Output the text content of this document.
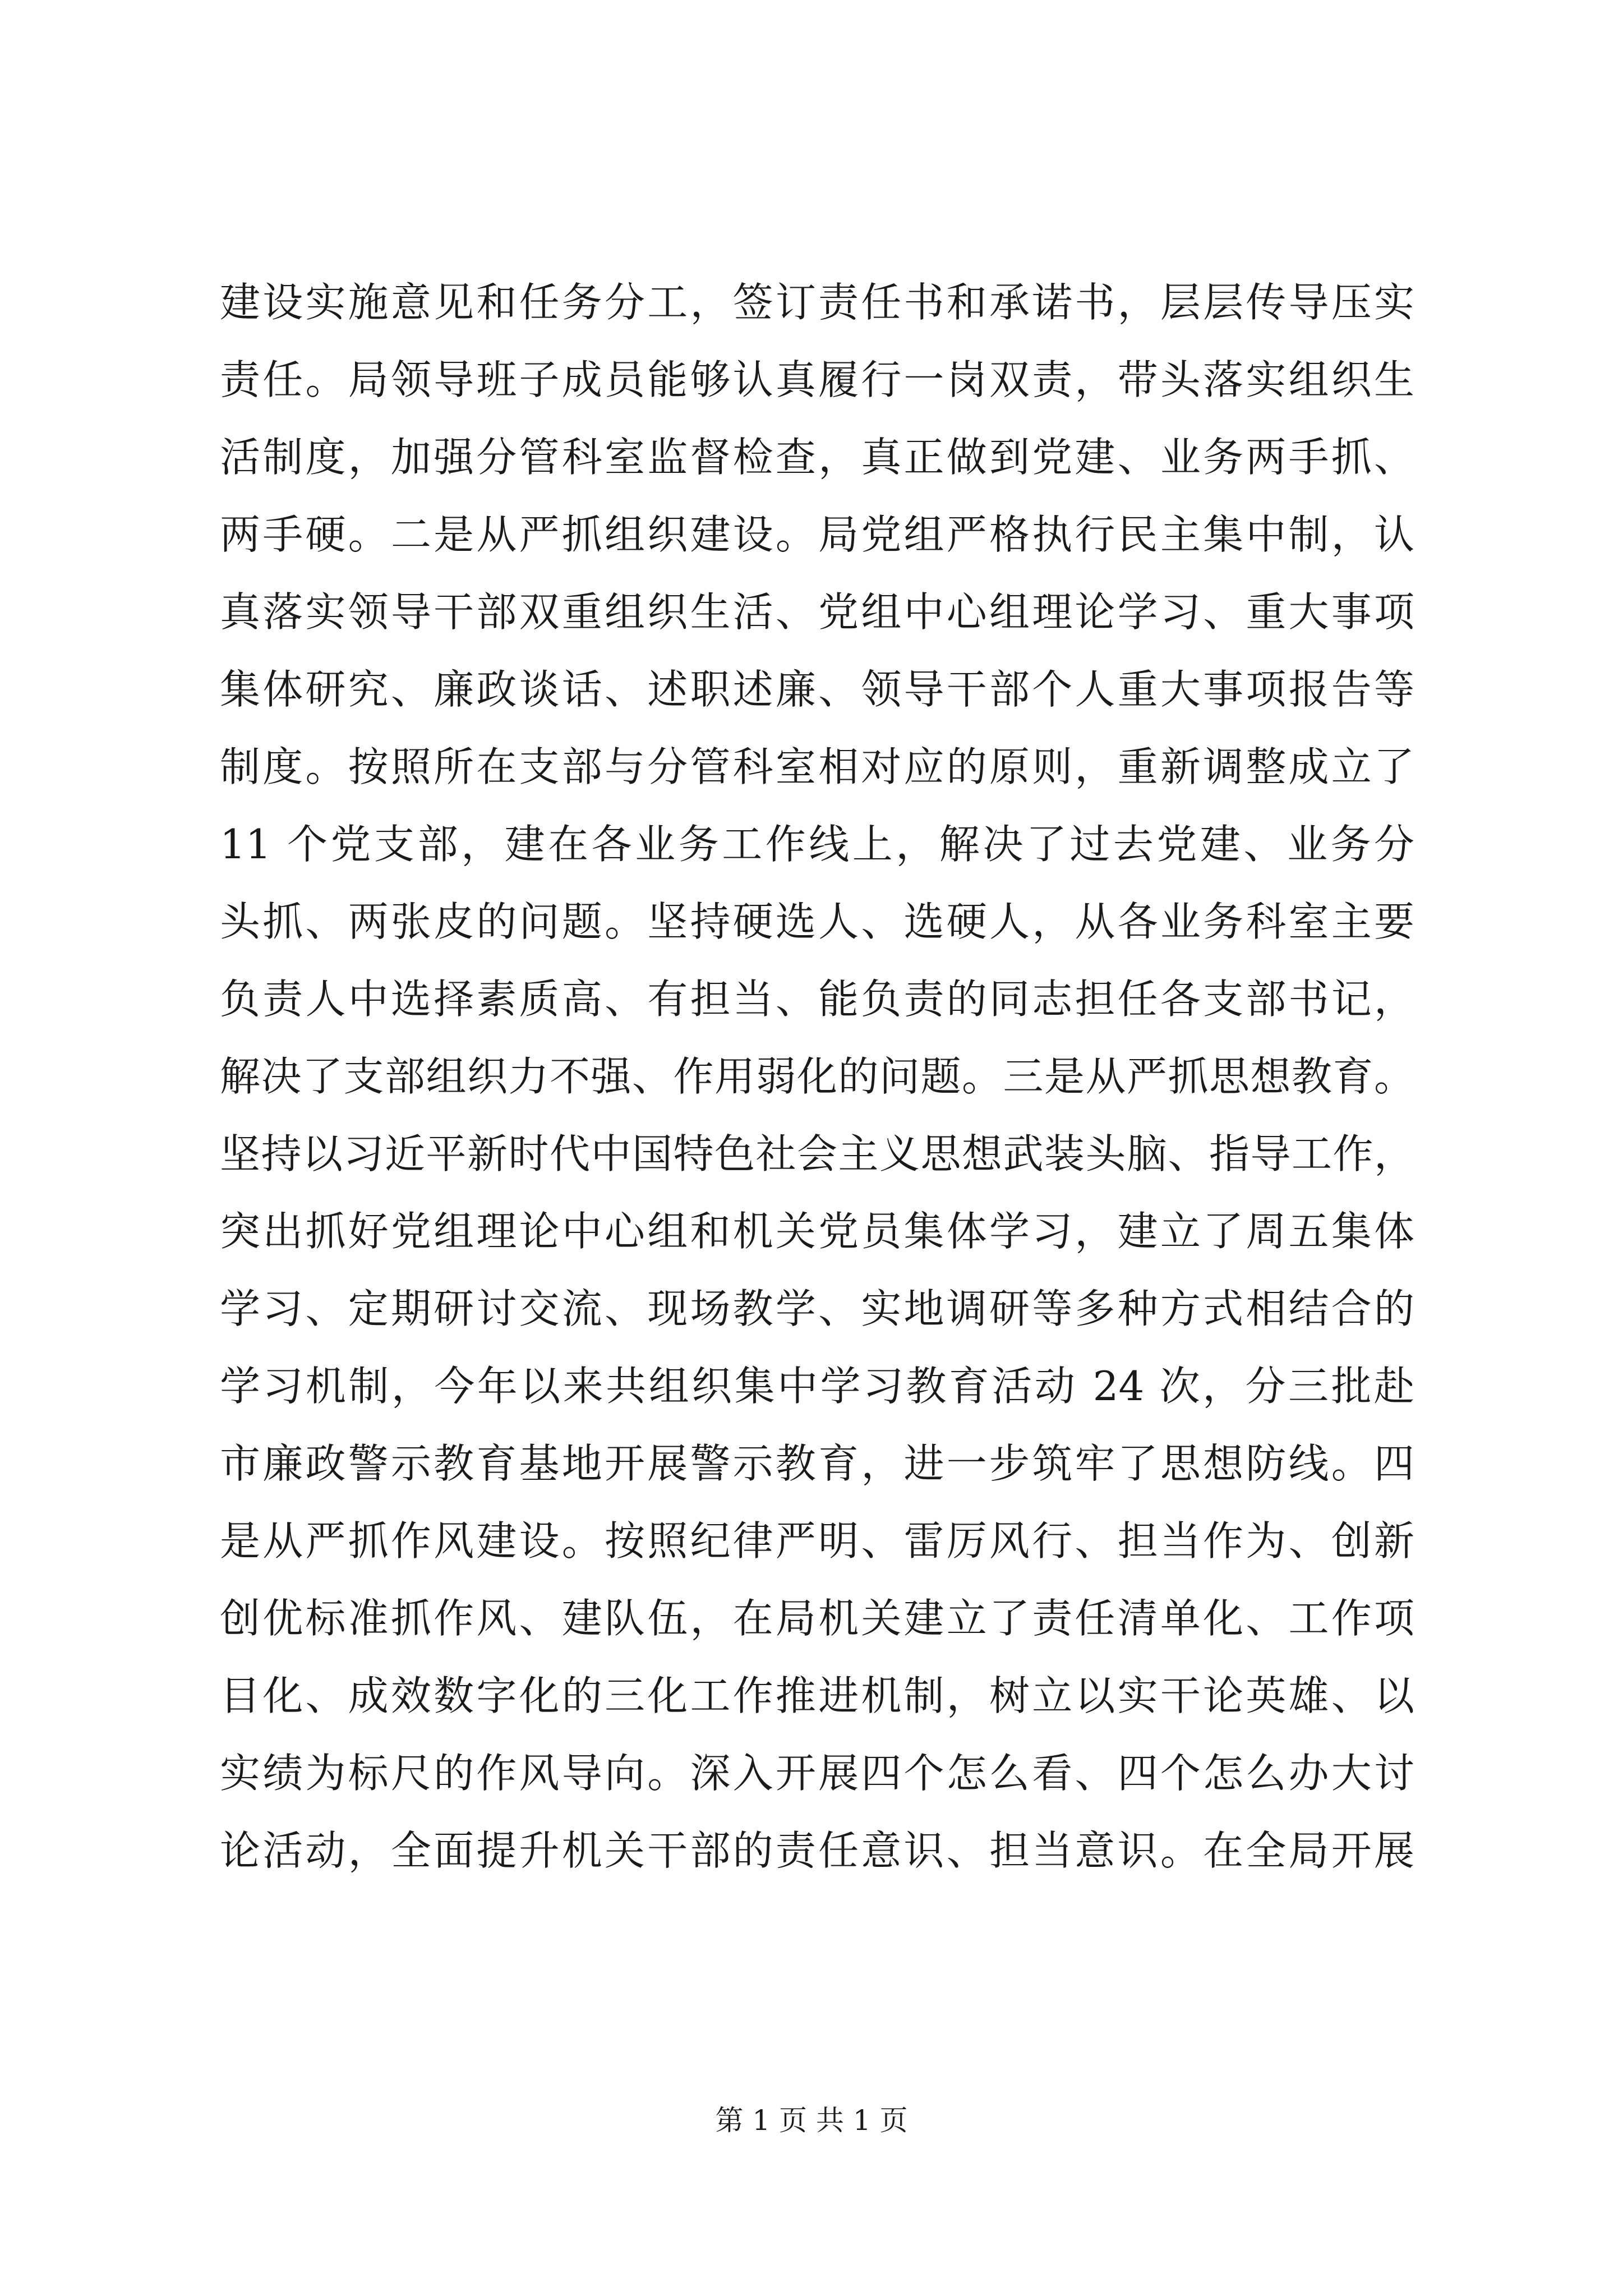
建设实施意见和任务分工，签订责任书和承诺书，层层传导压实
责任。局领导班子成员能够认真履行一岗双责，带头落实组织生
活制度，加强分管科室监督检查，真正做到党建、业务两手抓、
两手硬。二是从严抓组织建设。局党组严格执行民主集中制，认
真落实领导干部双重组织生活、党组中心组理论学习、重大事项
集体研究、廉政谈话、述职述廉、领导干部个人重大事项报告等
制度。按照所在支部与分管科室相对应的原则，重新调整成立了
11 个党支部，建在各业务工作线上，解决了过去党建、业务分
头抓、两张皮的问题。坚持硬选人、选硬人，从各业务科室主要
负责人中选择素质高、有担当、能负责的同志担任各支部书记，
解决了支部组织力不强、作用弱化的问题。三是从严抓思想教育。
坚持以习近平新时代中国特色社会主义思想武装头脑、指导工作，
突出抓好党组理论中心组和机关党员集体学习，建立了周五集体
学习、定期研讨交流、现场教学、实地调研等多种方式相结合的
学习机制，今年以来共组织集中学习教育活动 24 次，分三批赴
市廉政警示教育基地开展警示教育，进一步筑牢了思想防线。四
是从严抓作风建设。按照纪律严明、雷厉风行、担当作为、创新
创优标准抓作风、建队伍，在局机关建立了责任清单化、工作项
目化、成效数字化的三化工作推进机制，树立以实干论英雄、以
实绩为标尺的作风导向。深入开展四个怎么看、四个怎么办大讨
论活动，全面提升机关干部的责任意识、担当意识。在全局开展
第 1 页 共 1 页
